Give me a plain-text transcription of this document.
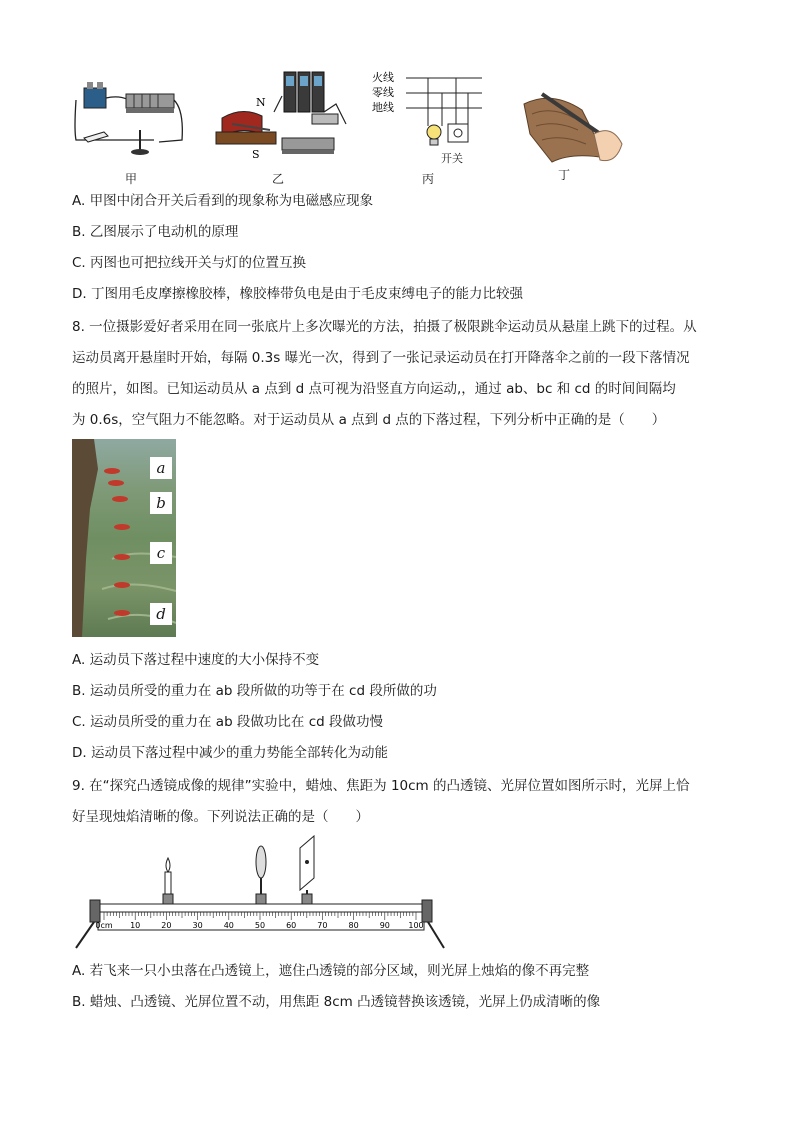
甲
N
S
乙
火线
零线
地线
开关
丙	丁
A. 甲图中闭合开关后看到的现象称为电磁感应现象
B. 乙图展示了电动机的原理
C. 丙图也可把拉线开关与灯的位置互换
D. 丁图用毛皮摩擦橡胶棒，橡胶棒带负电是由于毛皮束缚电子的能力比较强
8. 一位摄影爱好者采用在同一张底片上多次曝光的方法，拍摄了极限跳伞运动员从悬崖上跳下的过程。从
运动员离开悬崖时开始，每隔 0.3s 曝光一次，得到了一张记录运动员在打开降落伞之前的一段下落情况
的照片，如图。已知运动员从 a 点到 d 点可视为沿竖直方向运动,，通过 ab、bc 和 cd 的时间间隔均
为 0.6s，空气阻力不能忽略。对于运动员从 a 点到 d 点的下落过程，下列分析中正确的是（　　）
a
b
c
d
A. 运动员下落过程中速度的大小保持不变
B. 运动员所受的重力在 ab 段所做的功等于在 cd 段所做的功
C. 运动员所受的重力在 ab 段做功比在 cd 段做功慢
D. 运动员下落过程中减少的重力势能全部转化为动能
9. 在“探究凸透镜成像的规律”实验中，蜡烛、焦距为 10cm 的凸透镜、光屏位置如图所示时，光屏上恰
好呈现烛焰清晰的像。下列说法正确的是（　　）
0cm 10	20	30	40	50	60	70	80	90 100
A. 若飞来一只小虫落在凸透镜上，遮住凸透镜的部分区域，则光屏上烛焰的像不再完整
B. 蜡烛、凸透镜、光屏位置不动，用焦距 8cm 凸透镜替换该透镜，光屏上仍成清晰的像
